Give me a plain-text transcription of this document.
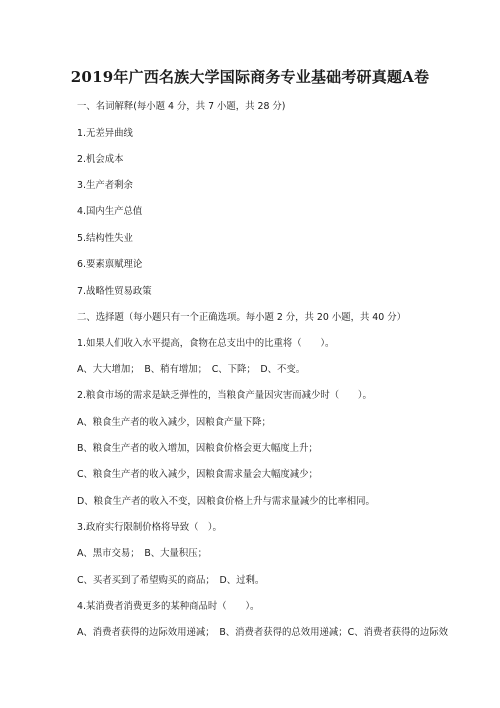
2019年广西名族大学国际商务专业基础考研真题A卷
一、名词解释(每小题 4 分，共 7 小题，共 28 分)
1.无差异曲线
2.机会成本
3.生产者剩余
4.国内生产总值
5.结构性失业
6.要素禀赋理论
7.战略性贸易政策
二、选择题（每小题只有一个正确选项。每小题 2 分，共 20 小题，共 40 分）
1.如果人们收入水平提高，食物在总支出中的比重将（　　）。
A、大大增加；　B、稍有增加；　C、下降；　D、不变。
2.粮食市场的需求是缺乏弹性的，当粮食产量因灾害而减少时（　　）。
A、粮食生产者的收入减少，因粮食产量下降；
B、粮食生产者的收入增加，因粮食价格会更大幅度上升；
C、粮食生产者的收入减少，因粮食需求量会大幅度减少；
D、粮食生产者的收入不变，因粮食价格上升与需求量减少的比率相同。
3.政府实行限制价格将导致（　）。
A、黑市交易；　B、大量积压；
C、买者买到了希望购买的商品；　D、过剩。
4.某消费者消费更多的某种商品时（　　）。
A、消费者获得的边际效用递减；　B、消费者获得的总效用递减；C、消费者获得的边际效
